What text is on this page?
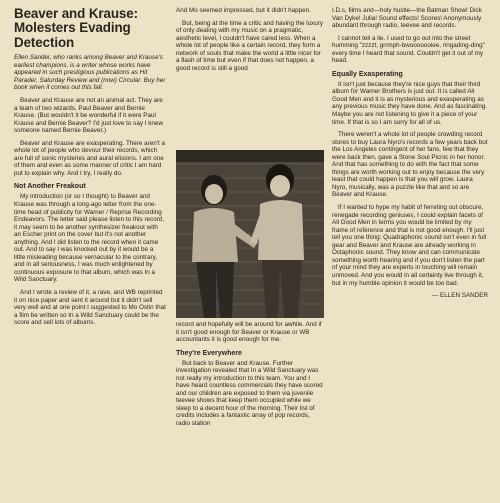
Beaver and Krause: Molesters Evading Detection
Ellen Sander, who ranks among Beaver and Krause's earliest champions, is a writer whose works have appeared in such prestigious publications as Hit Parader, Saturday Review and (now) Circular. Buy her book when it comes out this fall.

Beaver and Krause are not an animal act. They are a team of two wizards, Paul Beaver and Bernie Krause. (But wouldn't it be wonderful if it were Paul Krause and Bernie Beaver? I'd just love to say I knew someone named Bernie Beaver.)

Beaver and Krause are exasperating. There aren't a whole lot of people who devour their records, which are full of sonic mysteries and aural elisions. I am one of them and even as some manner of critic I am hard put to explain why. And I try, I really do.

Not Another Freakout

My introduction (or so I thought) to Beaver and Krause was through a long-ago letter from the one-time head of publicity for Warner / Reprise Recording Endeavors. The letter said please listen to this record, it may seem to be another synthesizer freakout with an Escher print on the cover but it's not another anything. And I did listen to the record when it came out. And to say I was knocked out by it would be a little misleading because vernacular to the contrary, and in all seriousness, I was much enlightened by continuous exposure to that album, which was In a Wild Sanctuary.

And I wrote a review of it, a rave, and WB reprinted it on nice paper and sent it around but it didn't sell very well and at one point I suggested to Mo Ostin that a film be written so In a Wild Sanctuary could be the score and sell lots of albums.

And Mo seemed impressed, but it didn't happen.

But, being at the time a critic and having the luxury of only dealing with my music on a pragmatic, aesthetic level, I couldn't have cared less. When a whole lot of people like a certain record, they form a network of souls that make the world a little nicer for a flash of time but even if that does not happen, a good record is still a good

record and hopefully will be around for awhile. And if it isn't good enough for Beaver or Krause or WB accountants it is good enough for me.

They're Everywhere

But back to Beaver and Krause. Further investigation revealed that In a Wild Sanctuary was not really my introduction to this team. You and I have heard countless commercials they have scored and our children are exposed to them via juvenile teevee shows that keep them occupied while we sleep to a decent hour of the morning. Their list of credits includes a fantastic array of pop records, radio station

I.D.s, films and—holy hustle—the Batman Show! Dick Van Dyke! Julia! Sound effects! Scores! Anonymously abundant through radio, teevee and records.

I cannot tell a lie. I used to go out into the street humming "zzzzt, grrmph-bwooooooiee, ringading-ding" every time I heard that sound. Couldn't get it out of my head.

Equally Exasperating

It isn't just because they're nice guys that their third album for Warner Brothers is just out. It is called All Good Men and it is as mysterious and exasperating as any previous music they have done. And as fascinating. Maybe you are not listening to give it a piece of your time. If that is so I am sorry for all of us.

There weren't a whole lot of people crowding record stores to buy Laura Nyro's records a few years back but the Los Angeles contingent of her fans, few that they were back then, gave a Stone Soul Picnic in her honor. And that has something to do with the fact that some things are worth working out to enjoy because the very least that could happen is that you will grow. Laura Nyro, musically, was a puzzle like that and so are Beaver and Krause.

If I wanted to hype my habit of ferreting out obscure, renegade recording geniuses, I could explain facets of All Good Men in terms you would be limited by my frame of reference and that is not good enough. I'll just tell you one thing: Quadraphonic sound isn't even in full gear and Beaver and Krause are already working in Octaphonic sound. They know and can communicate something worth hearing and if you don't listen the part of your mind they are experts in touching will remain unmoved. And you would in all certainty live through it, but in my humble opinion it would be too bad.

— ELLEN SANDER
